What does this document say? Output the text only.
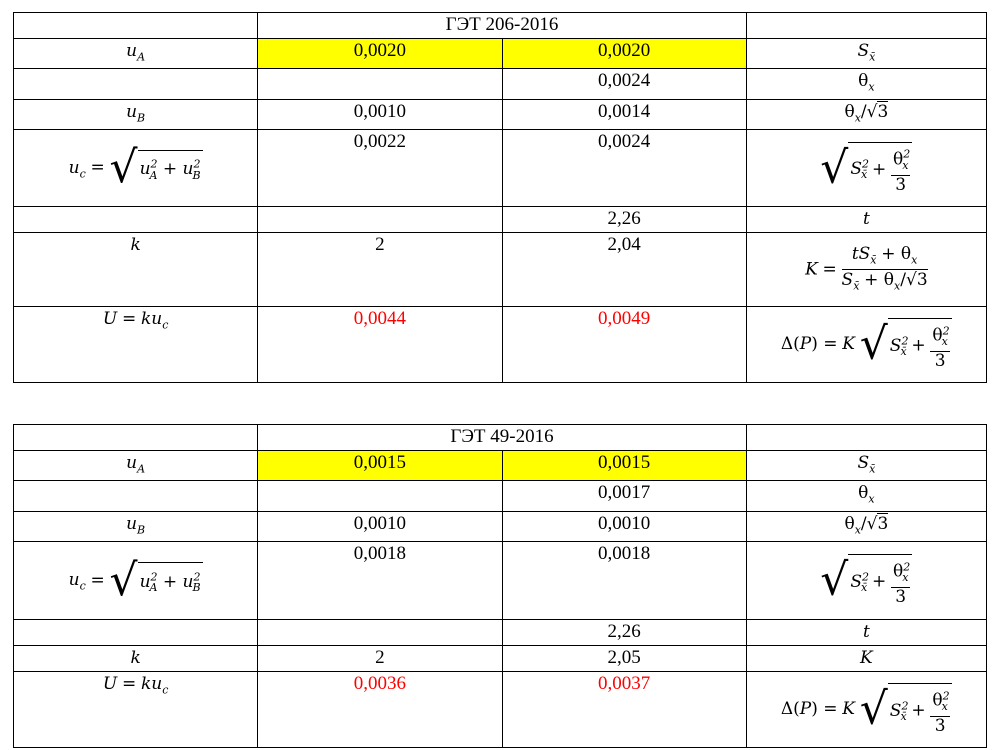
	ГЭТ 206-2016		
$u_A$	0,0020	0,0020	$S_{x̄}$
		0,0024	$\theta_x$
$u_B$	0,0010	0,0014	$\theta_x/√3$
$u_c$ = √ $u^2_A + u^2_B$	0,0022	0,0024	√ $S^2_{x̄} + \frac{\theta^2_x}{3}$

		2,26	t
k	2	2,04	$K = \frac{tS_{x̄} + \theta_x}{S_{x̄} + \theta_x/√3}$

$U = ku_c$	0,0044	0,0049	Δ(P) = K √ $S^2_{x̄} + \frac{\theta^2_x}{3}$
	ГЭТ 49-2016		
$u_A$	0,0015	0,0015	$S_{x̄}$
		0,0017	$\theta_x$
$u_B$	0,0010	0,0010	$\theta_x/√3$
$u_c$ = √ $u^2_A + u^2_B$	0,0018	0,0018	√ $S^2_{x̄} + \frac{\theta^2_x}{3}$

		2,26	t
k	2	2,05	K
$U = ku_c$	0,0036	0,0037	Δ(P) = K √ $S^2_{x̄} + \frac{\theta^2_x}{3}$
